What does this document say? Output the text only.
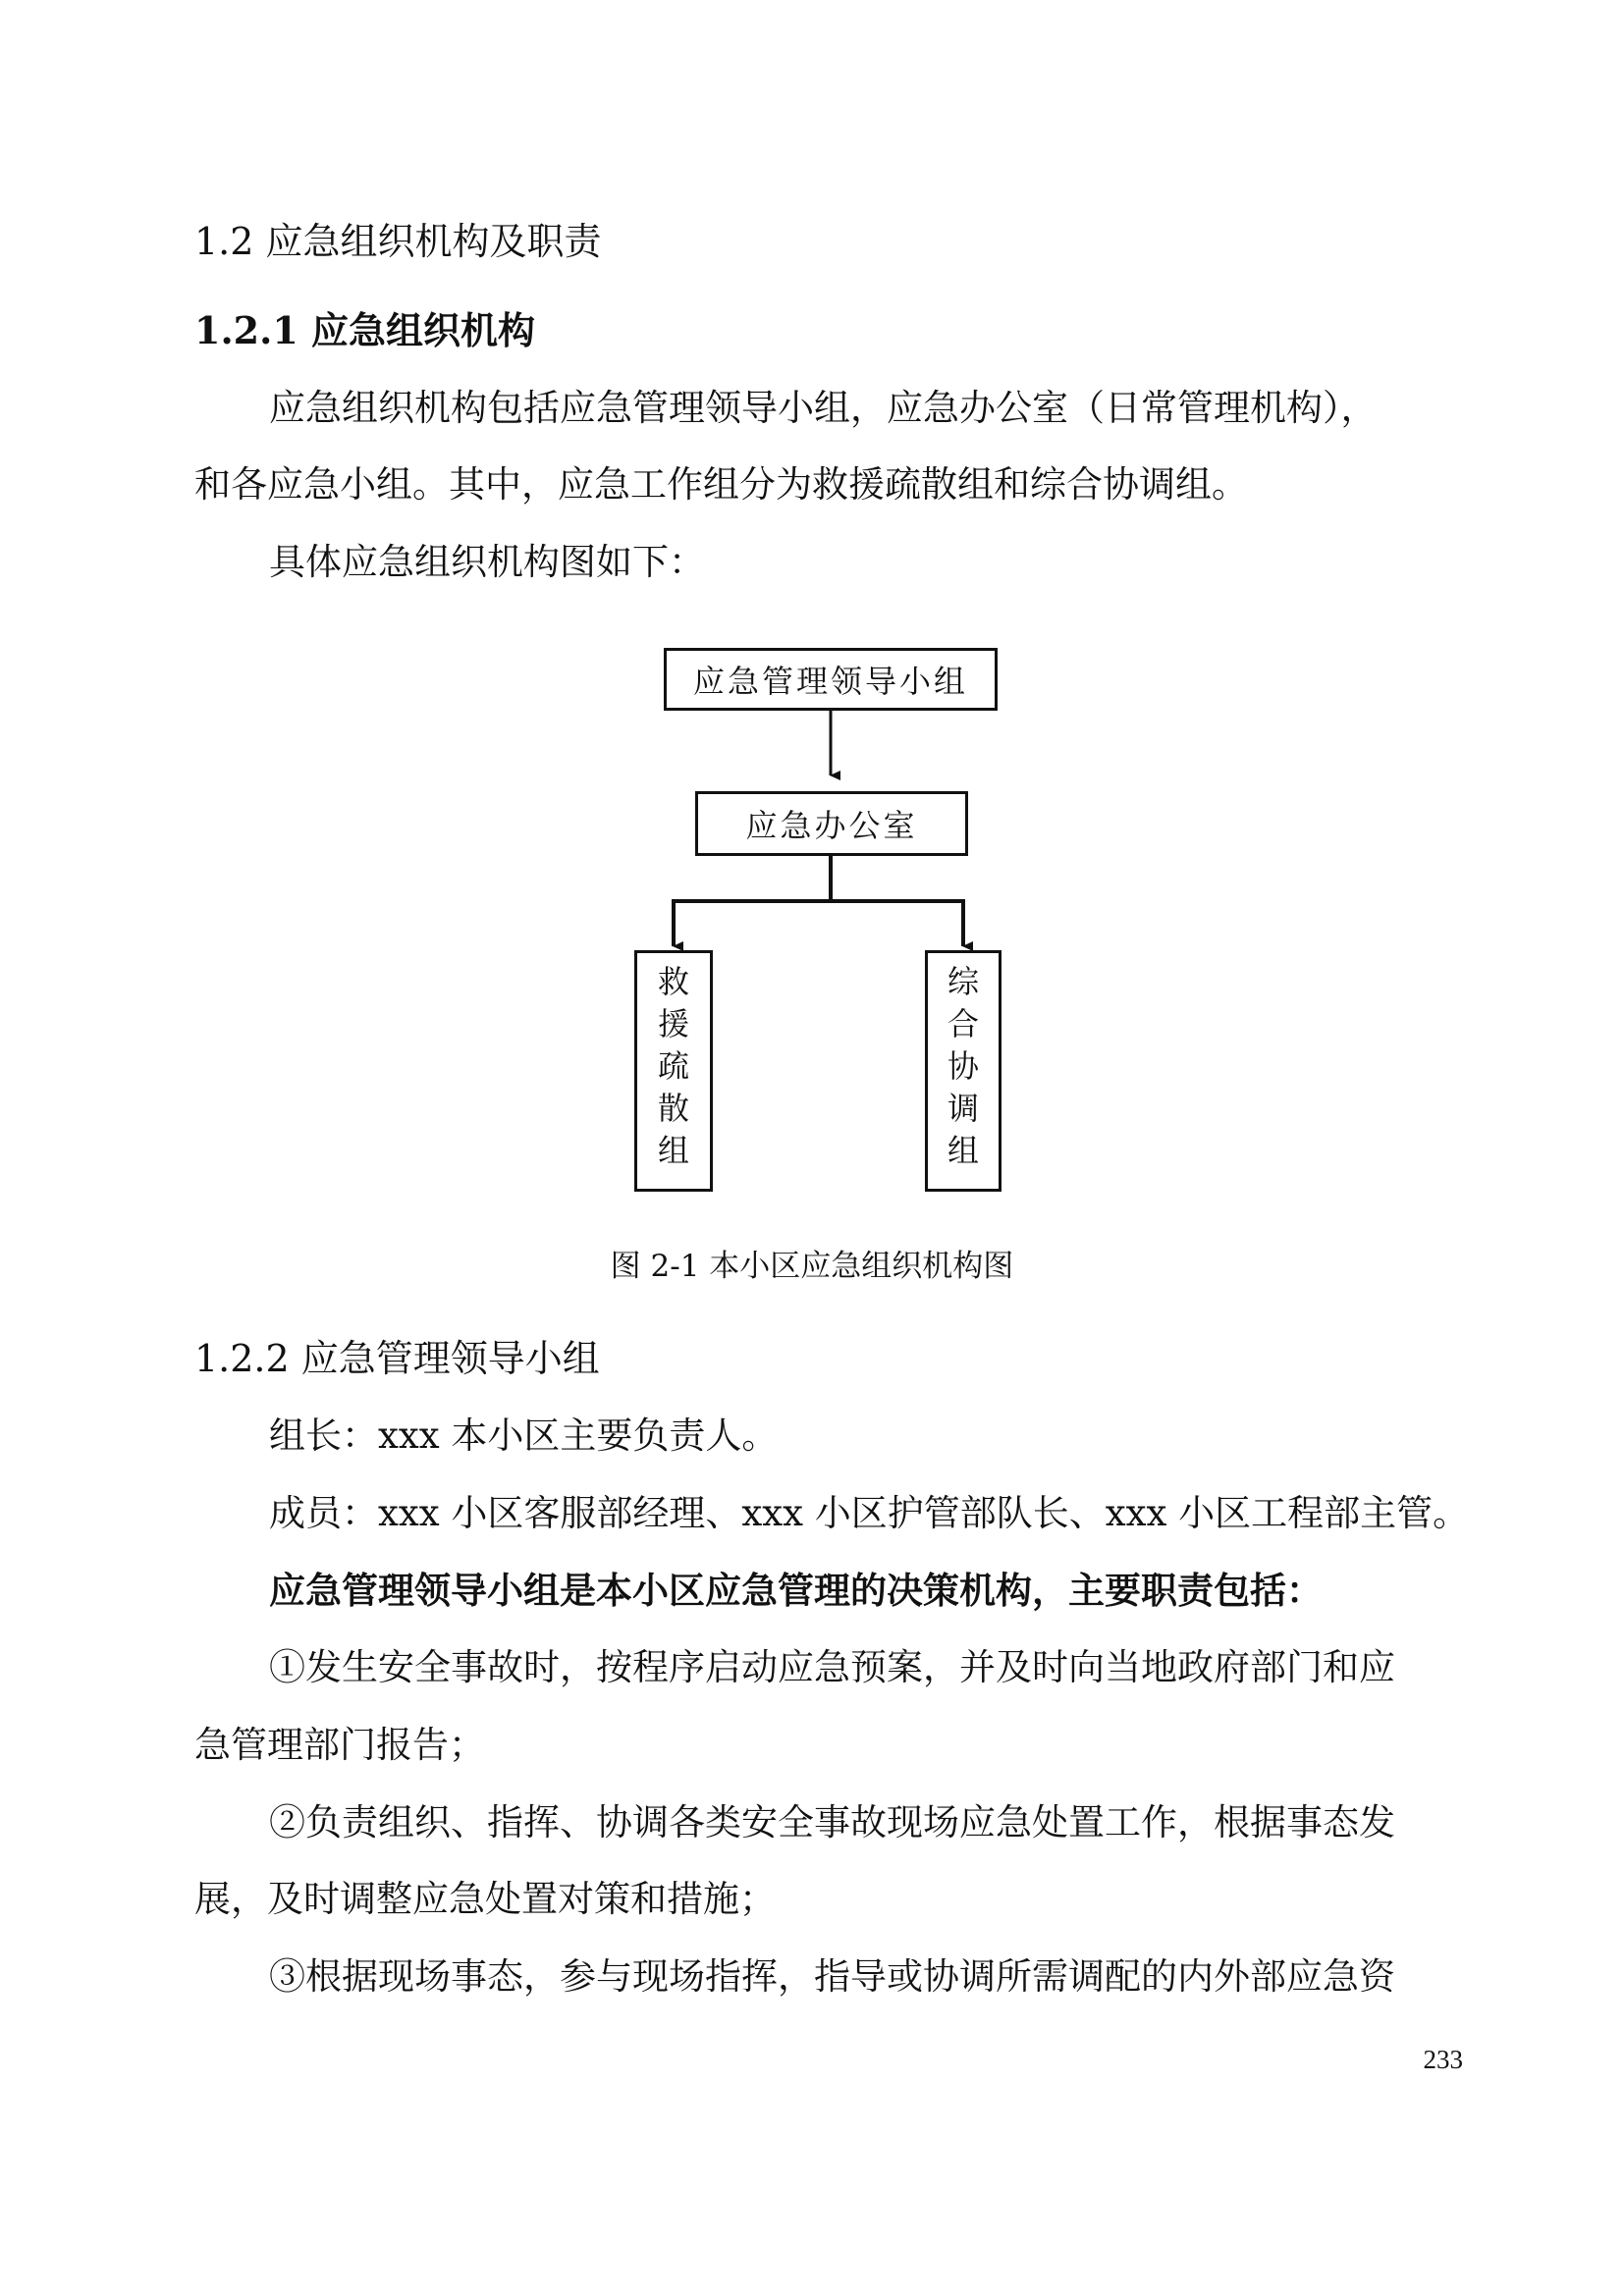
1.2 应急组织机构及职责
1.2.1 应急组织机构
应急组织机构包括应急管理领导小组，应急办公室（日常管理机构），
和各应急小组。其中，应急工作组分为救援疏散组和综合协调组。
具体应急组织机构图如下：
应急管理领导小组
应急办公室
救
援
疏
散
组
综
合
协
调
组
图 2-1 本小区应急组织机构图
1.2.2 应急管理领导小组
组长：xxx 本小区主要负责人。
成员：xxx 小区客服部经理、xxx 小区护管部队长、xxx 小区工程部主管。
应急管理领导小组是本小区应急管理的决策机构，主要职责包括：
①发生安全事故时，按程序启动应急预案，并及时向当地政府部门和应
急管理部门报告；
②负责组织、指挥、协调各类安全事故现场应急处置工作，根据事态发
展，及时调整应急处置对策和措施；
③根据现场事态，参与现场指挥，指导或协调所需调配的内外部应急资
233
